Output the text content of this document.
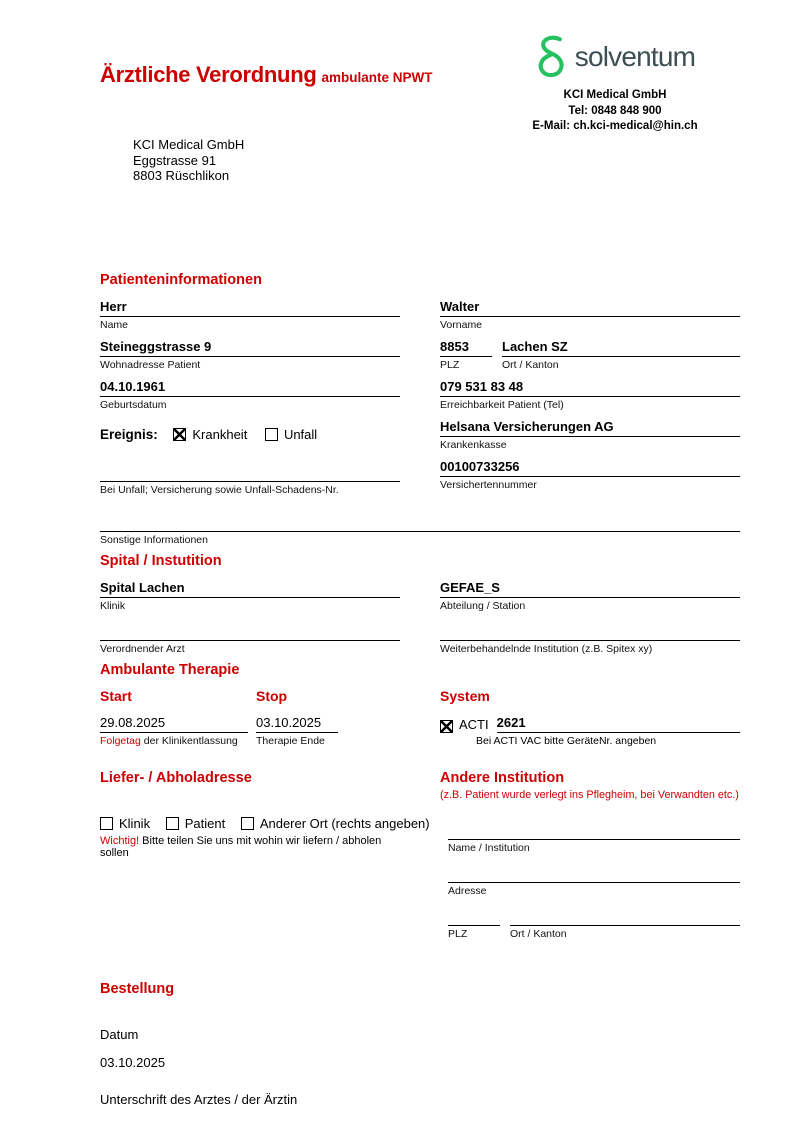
Ärztliche Verordnung ambulante NPWT
solventum
KCI Medical GmbH
Tel: 0848 848 900
E-Mail: ch.kci-medical@hin.ch
KCI Medical GmbH
Eggstrasse 91
8803 Rüschlikon
Patienteninformationen
Herr
Name
Walter
Vorname
Steineggstrasse 9
Wohnadresse Patient
8853
PLZ
Lachen SZ
Ort / Kanton
04.10.1961
Geburtsdatum
079 531 83 48
Erreichbarkeit Patient (Tel)
Ereignis:	Krankheit	Unfall
Helsana Versicherungen AG
Krankenkasse
Bei Unfall; Versicherung sowie Unfall-Schadens-Nr.
00100733256
Versichertennummer
Sonstige Informationen
Spital / Instutition
Spital Lachen
Klinik
GEFAE_S
Abteilung / Station
Verordnender Arzt	Weiterbehandelnde Institution (z.B. Spitex xy)
Ambulante Therapie
Start
29.08.2025
Folgetag der Klinikentlassung
Stop
03.10.2025
Therapie Ende
System
ACTI 2621
Bei ACTI VAC bitte GeräteNr. angeben
Liefer- / Abholadresse
Klinik	Patient	Anderer Ort (rechts angeben)
Wichtig! Bitte teilen Sie uns mit wohin wir liefern / abholen sollen
Andere Institution
(z.B. Patient wurde verlegt ins Pflegheim, bei Verwandten etc.)
Name / Institution
Adresse
PLZ	Ort / Kanton
Bestellung
Datum
03.10.2025
Unterschrift des Arztes / der Ärztin
